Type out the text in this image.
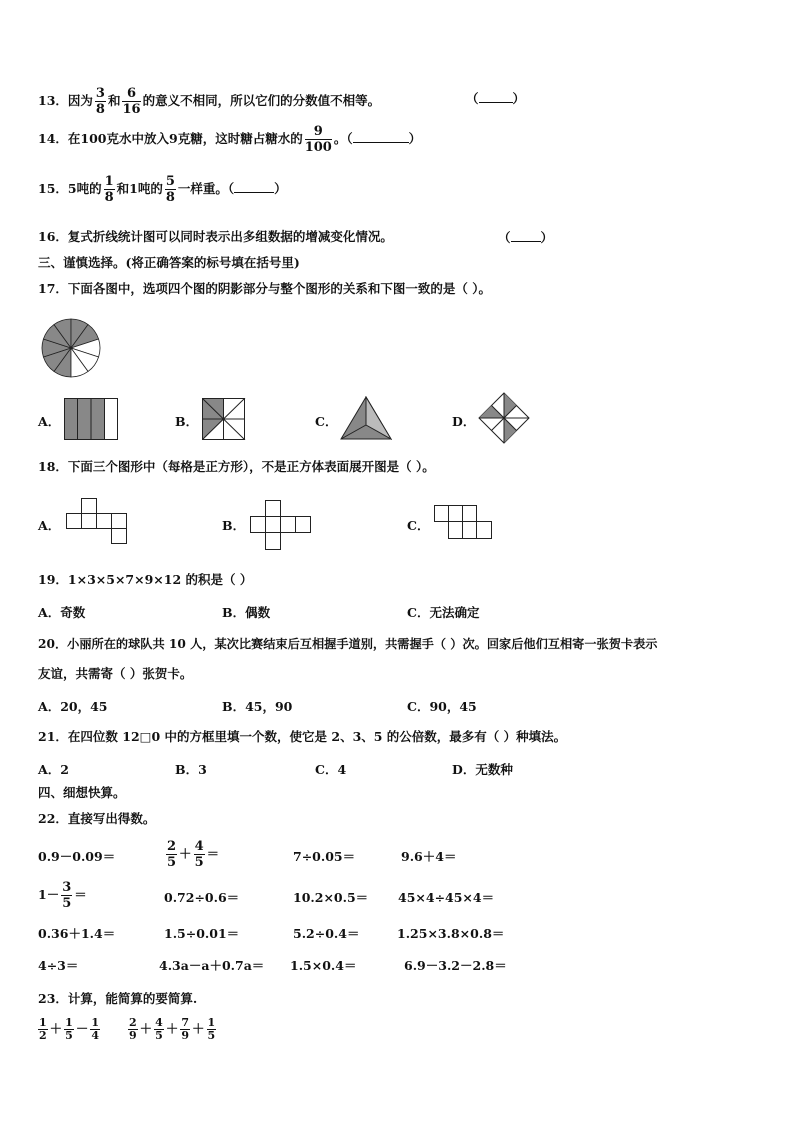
13．因为 $\frac{3}{8}$ 和 $\frac{6}{16}$ 的意义不相同，所以它们的分数值不相等。	（	）
14．在100克水中放入9克糖，这时糖占糖水的 $\frac{9}{100}$ 。（	）
15．5吨的 $\frac{1}{8}$ 和1吨的 $\frac{5}{8}$ 一样重。（	）
16．复式折线统计图可以同时表示出多组数据的增减变化情况。	（ ）
三、谨慎选择。(将正确答案的标号填在括号里)
17．下面各图中，选项四个图的阴影部分与整个图形的关系和下图一致的是（ ）。
A．	B．	C．	D．
18．下面三个图形中（每格是正方形），不是正方体表面展开图是（ ）。
A．	B．	C．
19．1×3×5×7×9×12 的积是（ ）
A．奇数	B．偶数	C．无法确定
20．小丽所在的球队共 10 人，某次比赛结束后互相握手道别，共需握手（ ）次。回家后他们互相寄一张贺卡表示
友谊，共需寄（ ）张贺卡。
A．20，45	B．45，90	C．90，45
21．在四位数 12□0 中的方框里填一个数，使它是 2、3、5 的公倍数，最多有（ ）种填法。
A．2	B．3	C．4	D．无数种
四、细想快算。
22．直接写出得数。
0.9－0.09＝	$\frac{2}{5} + \frac{4}{5}$ ＝	7÷0.05＝	9.6＋4＝
$1- \frac{3}{5}$ ＝	0.72÷0.6＝	10.2×0.5＝ 45×4÷45×4＝
0.36＋1.4＝	1.5÷0.01＝	5.2÷0.4＝	1.25×3.8×0.8＝
4÷3＝	4.3a－a＋0.7a＝ 1.5×0.4＝	6.9－3.2－2.8＝
23．计算，能简算的要简算.
$\frac{1}{2} + \frac{1}{5} - \frac{1}{4}$	$\frac{2}{9} + \frac{4}{5} + \frac{7}{9} + \frac{1}{5}$
